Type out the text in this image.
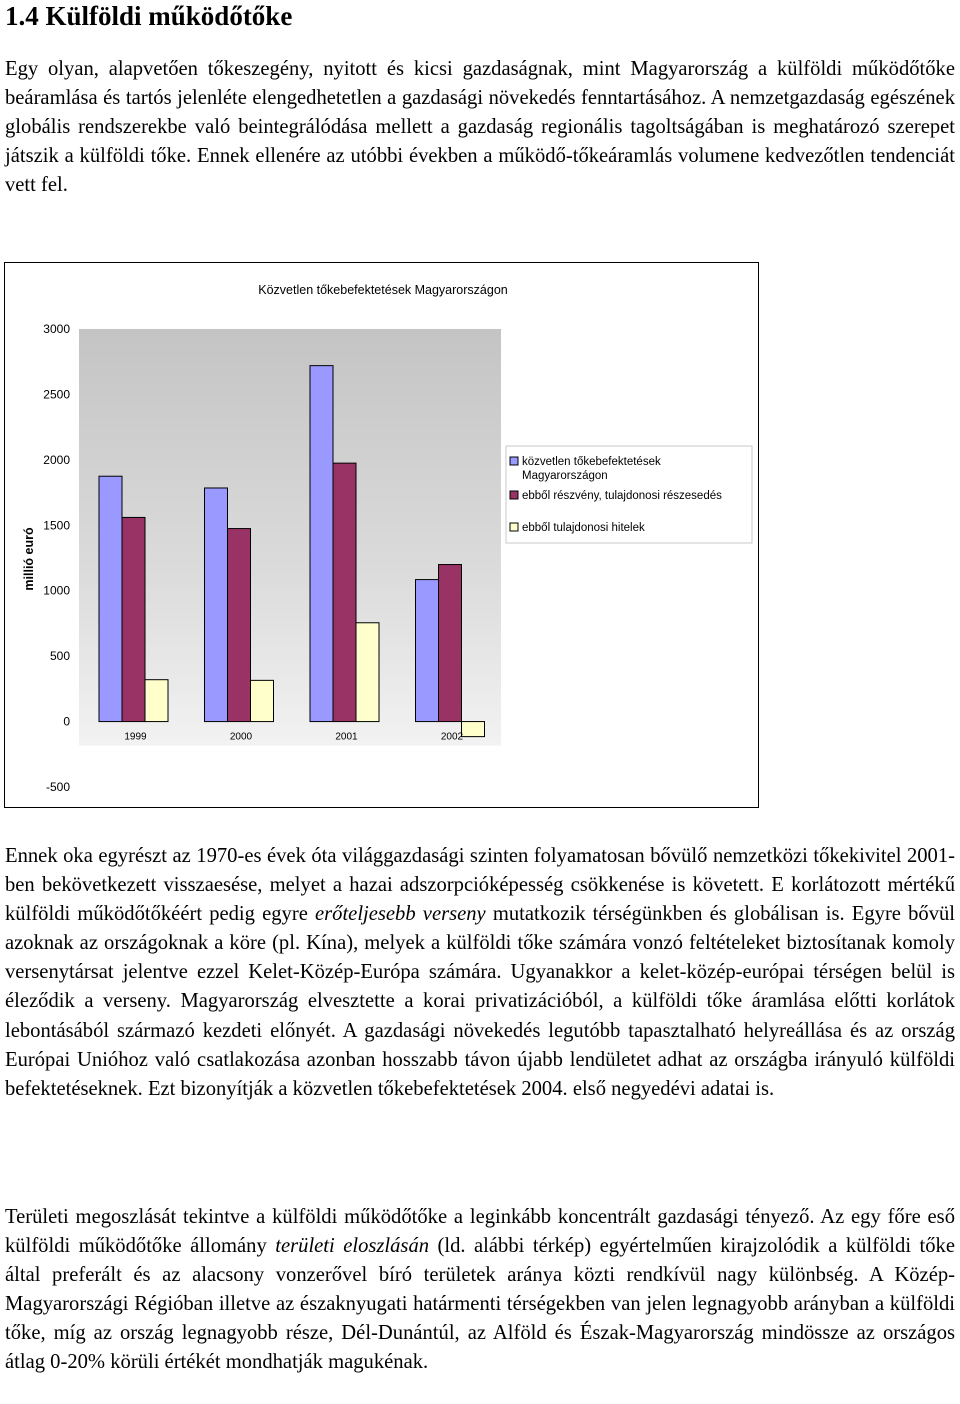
1.4 Külföldi működőtőke

Egy olyan, alapvetően tőkeszegény, nyitott és kicsi gazdaságnak, mint Magyarország a külföldi működőtőke beáramlása és tartós jelenléte elengedhetetlen a gazdasági növekedés fenntartásához. A nemzetgazdaság egészének globális rendszerekbe való beintegrálódása mellett a gazdaság regionális tagoltságában is meghatározó szerepet játszik a külföldi tőke. Ennek ellenére az utóbbi években a működő-tőkeáramlás volumene kedvezőtlen tendenciát vett fel.

Közvetlen tőkebefektetések Magyarországon
-500
0
500
1000
1500
2000
2500
3000
millió euró
1999	2000	2001	2002
közvetlen tőkebefektetések
Magyarországon
ebből részvény, tulajdonosi részesedés
ebből tulajdonosi hitelek

Ennek oka egyrészt az 1970-es évek óta világgazdasági szinten folyamatosan bővülő nemzetközi tőkekivitel 2001-ben bekövetkezett visszaesése, melyet a hazai adszorpcióképesség csökkenése is követett. E korlátozott mértékű külföldi működőtőkéért pedig egyre erőteljesebb verseny mutatkozik térségünkben és globálisan is. Egyre bővül azoknak az országoknak a köre (pl. Kína), melyek a külföldi tőke számára vonzó feltételeket biztosítanak komoly versenytársat jelentve ezzel Kelet-Közép-Európa számára. Ugyanakkor a kelet-közép-európai térségen belül is éleződik a verseny. Magyarország elvesztette a korai privatizációból, a külföldi tőke áramlása előtti korlátok lebontásából származó kezdeti előnyét. A gazdasági növekedés legutóbb tapasztalható helyreállása és az ország Európai Unióhoz való csatlakozása azonban hosszabb távon újabb lendületet adhat az országba irányuló külföldi befektetéseknek. Ezt bizonyítják a közvetlen tőkebefektetések 2004. első negyedévi adatai is.

Területi megoszlását tekintve a külföldi működőtőke a leginkább koncentrált gazdasági tényező. Az egy főre eső külföldi működőtőke állomány területi eloszlásán (ld. alábbi térkép) egyértelműen kirajzolódik a külföldi tőke által preferált és az alacsony vonzerővel bíró területek aránya közti rendkívül nagy különbség. A Közép-Magyarországi Régióban illetve az északnyugati határmenti térségekben van jelen legnagyobb arányban a külföldi tőke, míg az ország legnagyobb része, Dél-Dunántúl, az Alföld és Észak-Magyarország mindössze az országos átlag 0-20% körüli értékét mondhatják magukénak.
